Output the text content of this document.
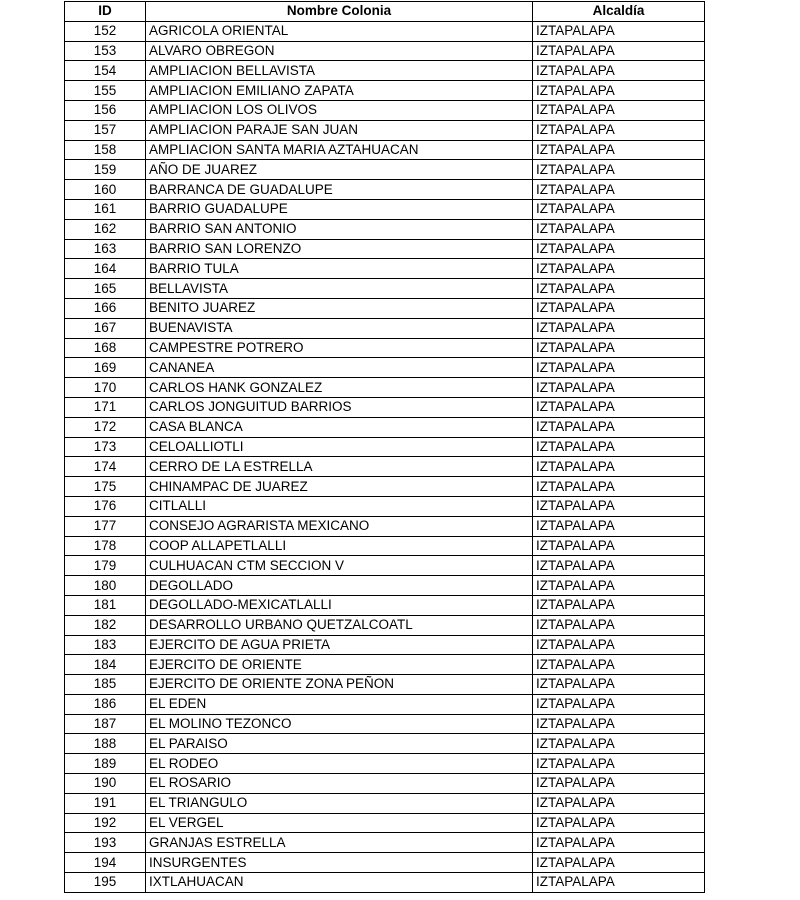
ID	Nombre Colonia	Alcaldía
152	AGRICOLA ORIENTAL	IZTAPALAPA
153	ALVARO OBREGON	IZTAPALAPA
154	AMPLIACION BELLAVISTA	IZTAPALAPA
155	AMPLIACION EMILIANO ZAPATA	IZTAPALAPA
156	AMPLIACION LOS OLIVOS	IZTAPALAPA
157	AMPLIACION PARAJE SAN JUAN	IZTAPALAPA
158	AMPLIACION SANTA MARIA AZTAHUACAN	IZTAPALAPA
159	AÑO DE JUAREZ	IZTAPALAPA
160	BARRANCA DE GUADALUPE	IZTAPALAPA
161	BARRIO GUADALUPE	IZTAPALAPA
162	BARRIO SAN ANTONIO	IZTAPALAPA
163	BARRIO SAN LORENZO	IZTAPALAPA
164	BARRIO TULA	IZTAPALAPA
165	BELLAVISTA	IZTAPALAPA
166	BENITO JUAREZ	IZTAPALAPA
167	BUENAVISTA	IZTAPALAPA
168	CAMPESTRE POTRERO	IZTAPALAPA
169	CANANEA	IZTAPALAPA
170	CARLOS HANK GONZALEZ	IZTAPALAPA
171	CARLOS JONGUITUD BARRIOS	IZTAPALAPA
172	CASA BLANCA	IZTAPALAPA
173	CELOALLIOTLI	IZTAPALAPA
174	CERRO DE LA ESTRELLA	IZTAPALAPA
175	CHINAMPAC DE JUAREZ	IZTAPALAPA
176	CITLALLI	IZTAPALAPA
177	CONSEJO AGRARISTA MEXICANO	IZTAPALAPA
178	COOP ALLAPETLALLI	IZTAPALAPA
179	CULHUACAN CTM SECCION V	IZTAPALAPA
180	DEGOLLADO	IZTAPALAPA
181	DEGOLLADO-MEXICATLALLI	IZTAPALAPA
182	DESARROLLO URBANO QUETZALCOATL	IZTAPALAPA
183	EJERCITO DE AGUA PRIETA	IZTAPALAPA
184	EJERCITO DE ORIENTE	IZTAPALAPA
185	EJERCITO DE ORIENTE ZONA PEÑON	IZTAPALAPA
186	EL EDEN	IZTAPALAPA
187	EL MOLINO TEZONCO	IZTAPALAPA
188	EL PARAISO	IZTAPALAPA
189	EL RODEO	IZTAPALAPA
190	EL ROSARIO	IZTAPALAPA
191	EL TRIANGULO	IZTAPALAPA
192	EL VERGEL	IZTAPALAPA
193	GRANJAS ESTRELLA	IZTAPALAPA
194	INSURGENTES	IZTAPALAPA
195	IXTLAHUACAN	IZTAPALAPA
